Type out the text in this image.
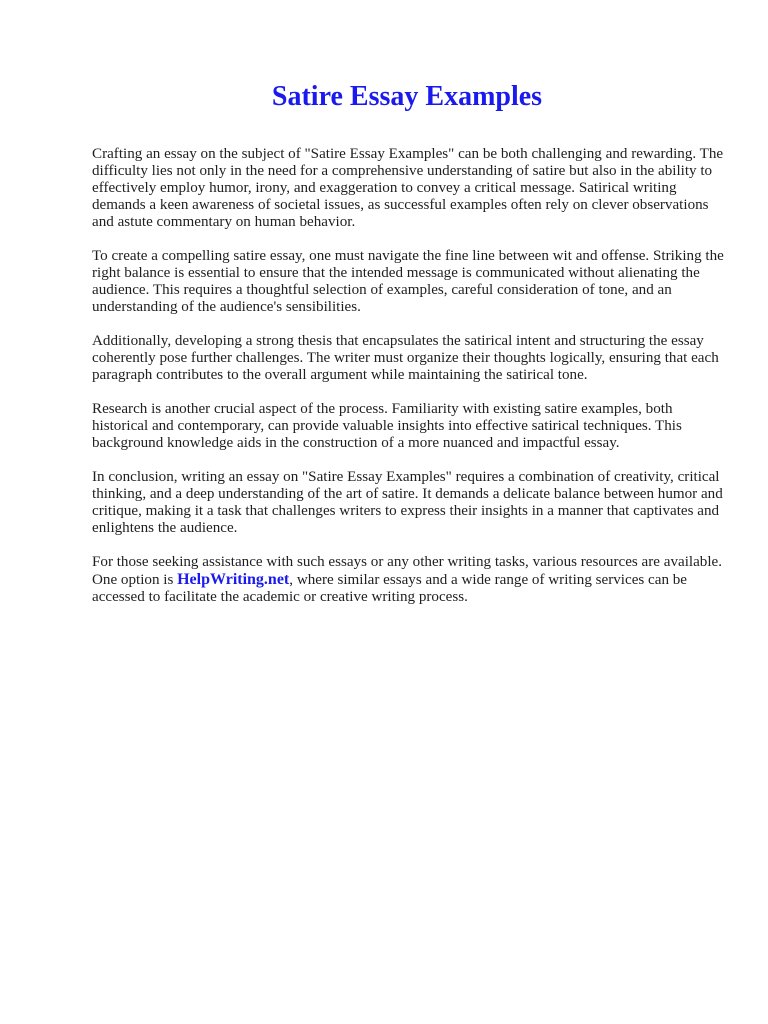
Satire Essay Examples

Crafting an essay on the subject of "Satire Essay Examples" can be both challenging and rewarding. The difficulty lies not only in the need for a comprehensive understanding of satire but also in the ability to effectively employ humor, irony, and exaggeration to convey a critical message. Satirical writing demands a keen awareness of societal issues, as successful examples often rely on clever observations and astute commentary on human behavior.

To create a compelling satire essay, one must navigate the fine line between wit and offense. Striking the right balance is essential to ensure that the intended message is communicated without alienating the audience. This requires a thoughtful selection of examples, careful consideration of tone, and an understanding of the audience's sensibilities.

Additionally, developing a strong thesis that encapsulates the satirical intent and structuring the essay coherently pose further challenges. The writer must organize their thoughts logically, ensuring that each paragraph contributes to the overall argument while maintaining the satirical tone.

Research is another crucial aspect of the process. Familiarity with existing satire examples, both historical and contemporary, can provide valuable insights into effective satirical techniques. This background knowledge aids in the construction of a more nuanced and impactful essay.

In conclusion, writing an essay on "Satire Essay Examples" requires a combination of creativity, critical thinking, and a deep understanding of the art of satire. It demands a delicate balance between humor and critique, making it a task that challenges writers to express their insights in a manner that captivates and enlightens the audience.

For those seeking assistance with such essays or any other writing tasks, various resources are available. One option is HelpWriting.net, where similar essays and a wide range of writing services can be accessed to facilitate the academic or creative writing process.
